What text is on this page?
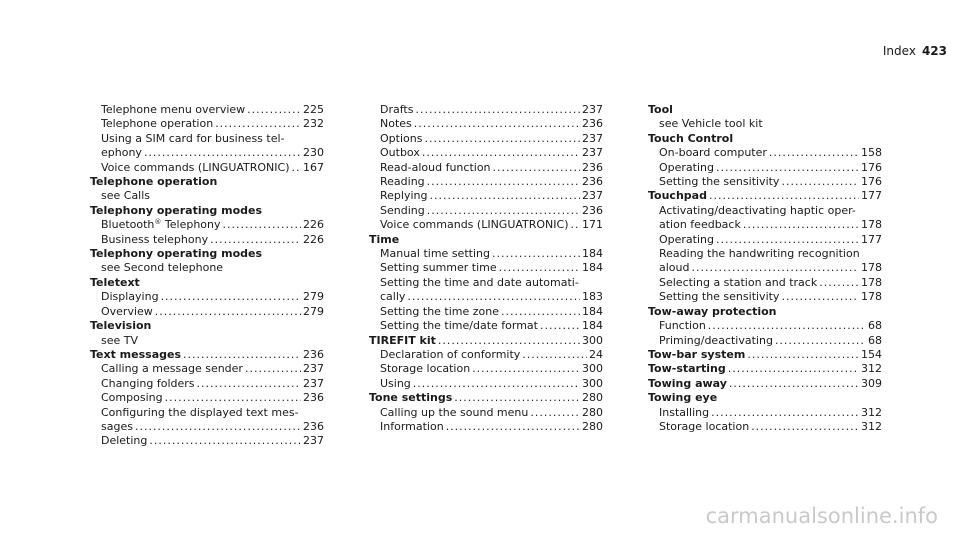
Index 423
Telephone menu overview .....	225
Telephone operation .....	232
Using a SIM card for business tel-
ephony .....	230
Voice commands (LINGUATRONIC) ..... 167
Telephone operation
see Calls
Telephony operating modes
Bluetooth® Telephony .....	226
Business telephony .....	226
Telephony operating modes
see Second telephone
Teletext
Displaying .....	279
Overview .....	279
Television
see TV
Text messages .....	236
Calling a message sender .....	237
Changing folders .....	237
Composing .....	236
Configuring the displayed text mes-
sages .....	236
Deleting .....	237
Drafts .....	237
Notes .....	236
Options .....	237
Outbox .....	237
Read-aloud function .....	236
Reading .....	236
Replying .....	237
Sending .....	236
Voice commands (LINGUATRONIC) ..... 171
Time
Manual time setting .....	184
Setting summer time .....	184
Setting the time and date automati-
cally .....	183
Setting the time zone .....	184
Setting the time/date format .....	184
TIREFIT kit .....	300
Declaration of conformity .....	24
Storage location .....	300
Using .....	300
Tone settings .....	280
Calling up the sound menu .....	280
Information .....	280
Tool
see Vehicle tool kit
Touch Control
On-board computer .....	158
Operating .....	176
Setting the sensitivity .....	176
Touchpad .....	177
Activating/deactivating haptic oper-
ation feedback .....	178
Operating .....	177
Reading the handwriting recognition
aloud .....	178
Selecting a station and track .....	178
Setting the sensitivity .....	178
Tow-away protection
Function .....	68
Priming/deactivating .....	68
Tow-bar system .....	154
Tow-starting .....	312
Towing away .....	309
Towing eye
Installing .....	312
Storage location .....	312
carmanualsonline.info
